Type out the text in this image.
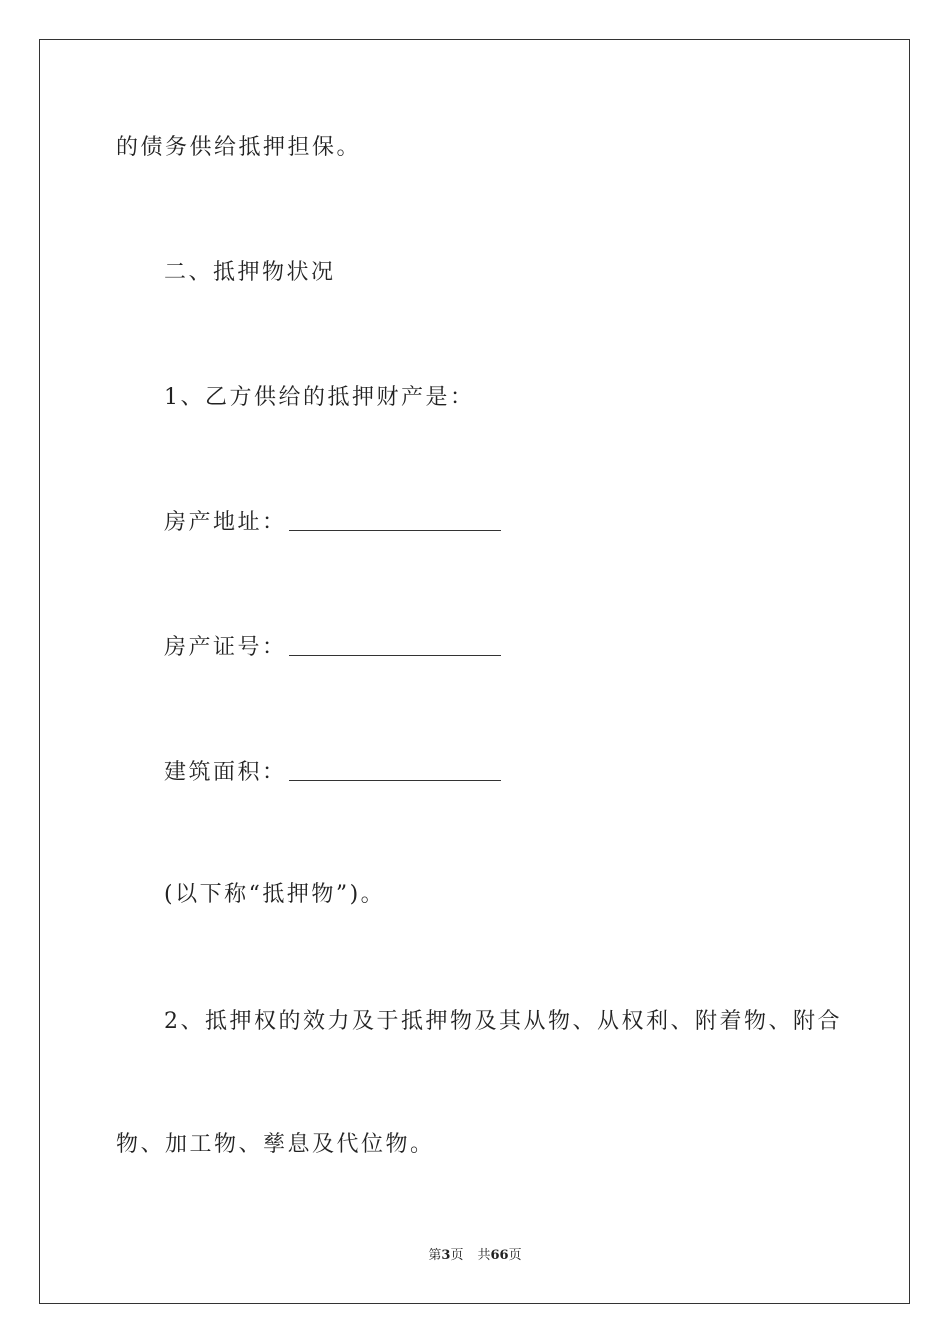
的债务供给抵押担保。
二、抵押物状况
1、乙方供给的抵押财产是：
房产地址：
房产证号：
建筑面积：
(以下称“抵押物”)。
2、抵押权的效力及于抵押物及其从物、从权利、附着物、附合
物、加工物、孳息及代位物。
第3页 共66页
